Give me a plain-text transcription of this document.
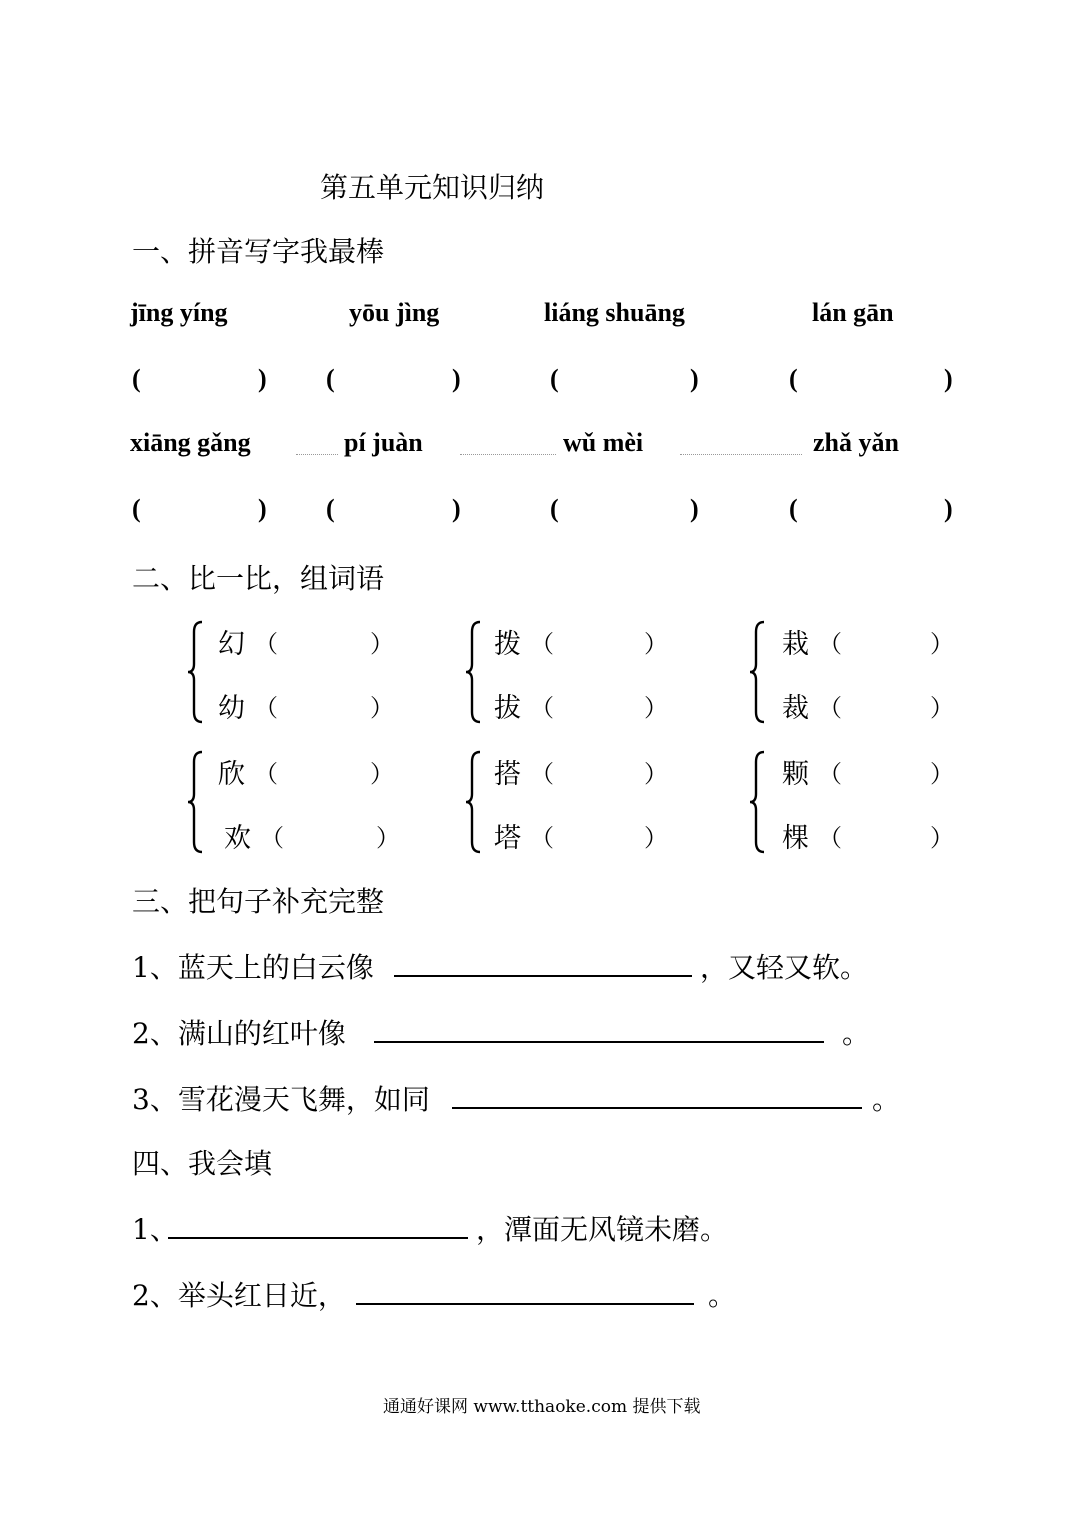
第五单元知识归纳
一、拼音写字我最棒
jīng yíng	yōu jìng	liáng shuāng	lán gān
(	) (	)	(	)	(	)
xiāng gǎng	pí juàn	wǔ mèi	zhǎ yǎn
(	) (	)	(	)	(	)
二、比一比，组词语
幻 （	）
幼 （	）
拨 （	）
拔 （	）
栽 （	）
裁 （	）
欣 （	）
欢 （	）
搭 （	）
塔 （	）
颗 （	）
棵 （	）
三、把句子补充完整
1、蓝天上的白云像	，又轻又软。
2、满山的红叶像	。
3、雪花漫天飞舞，如同	。
四、我会填
1、	，潭面无风镜未磨。
2、举头红日近，	。
通通好课网 www.tthaoke.com 提供下载
